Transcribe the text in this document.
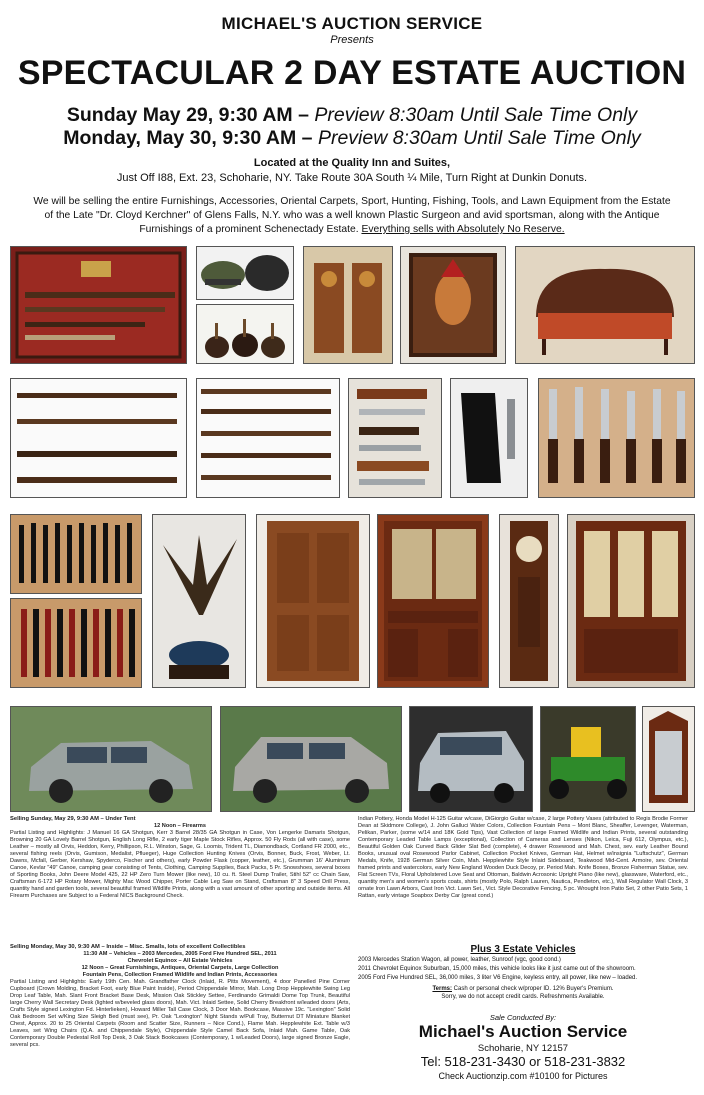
MICHAEL'S AUCTION SERVICE
Presents
SPECTACULAR 2 DAY ESTATE AUCTION
Sunday May 29, 9:30 AM – Preview 8:30am Until Sale Time Only
Monday, May 30, 9:30 AM – Preview 8:30am Until Sale Time Only
Located at the Quality Inn and Suites,
Just Off I88, Ext. 23, Schoharie, NY. Take Route 30A South ¼ Mile, Turn Right at Dunkin Donuts.
We will be selling the entire Furnishings, Accessories, Oriental Carpets, Sport, Hunting, Fishing, Tools, and Lawn Equipment from the Estate of the Late "Dr. Cloyd Kerchner" of Glens Falls, N.Y. who was a well known Plastic Surgeon and avid sportsman, along with the Antique Furnishings of a prominent Schenectady Estate. Everything sells with Absolutely No Reserve.
Selling Sunday, May 29, 9:30 AM – Under Tent
12 Noon – Firearms
Partial Listing and Highlights: J Manuel 16 GA Shotgun, Kerr 3 Barrel 28/35 GA Shotgun in Case, Von Lengerke Damaris Shotgun, Browning 20 GA Lovely Barrel Shotgun, English Long Rifle, 2 early tiger Maple Stock Rifles, Approx. 50 Fly Rods (all with case), some Leather – mostly all Orvis, Heddon, Kerry, Phillipson, R.L. Winston, Sage, G. Loomis, Trident TL, Diamondback, Cortland FR 2000, etc., several fishing reels (Orvis, Gumison, Medalist, Pflueger), Huge Collection Hunting Knives (Orvis, Bonner, Buck, Frost, Weber, Lt. Dawns, Mcfall, Gerber, Kershaw, Spyderco, Fischer and others), early Powder Flask (copper, leather, etc.), Grumman 16' Aluminum Canoe, Kevlar "49" Canoe, camping gear consisting of Tents, Clothing, Camping Supplies, Back Packs, 5 Pr. Snowshoes, several boxes of Sporting Books, John Deere Model 425, 22 HP Zero Turn Mower (like new), 10 cu. ft. Steel Dump Trailer, Stihl 52" cc Chain Saw, Craftsman 6-172 HP Rotary Mower, Mighty Mac Wood Chipper, Porter Cable Leg Saw on Stand, Craftsman 8" 3 Speed Drill Press, quantity hand and garden tools, several beautiful framed Wildlife Prints, along with a vast amount of other sporting and outside items. All Firearm Purchases are Subject to a Federal NICS Background Check.
Selling Monday, May 30, 9:30 AM – Inside – Misc. Smalls, lots of excellent Collectibles
11:30 AM – Vehicles – 2003 Mercedes, 2005 Ford Five Hundred SEL, 2011
Chevrolet Equinox – All Estate Vehicles
12 Noon – Great Furnishings, Antiques, Oriental Carpets, Large Collection
Fountain Pens, Collection Framed Wildlife and Indian Prints, Accessories
Partial Listing and Highlights: Early 19th Cen. Mah. Grandfather Clock (Inlaid, R. Pitts Movement), 4 door Panelled Pine Corner Cupboard (Crown Molding, Bracket Foot, early Blue Paint Inside), Period Chippendale Mirror, Mah. Long Drop Hepplewhite Swing Leg Drop Leaf Table, Mah. Slant Front Bracket Base Desk, Mission Oak Stickley Settee, Ferdinando Grimaldi Dome Top Trunk, Beautiful large Cherry Wall Secretary Desk (lighted w/beveled glass doors), Mah. Vict. Inlaid Settee, Solid Cherry Breakfront w/leaded doors (Arts, Crafts Style signed Lexington Fd. Hinterlieken), Howard Miller Tall Case Clock, 3 Door Mah. Bookcase, Massive 19c. "Lexington" Solid Oak Bedroom Set w/King Size Sleigh Bed (must see), Pr. Oak "Lexington" Night Stands w/Pull Tray, Butternut DT Miniature Blanket Chest, Approx. 20 to 25 Oriental Carpets (Room and Scatter Size, Runners – Nice Cond.), Flame Mah. Hepplewhite Ext. Table w/3 Leaves, set Wing Chairs (Q.A. and Chippendale Style), Chippendale Style Camel Back Sofa, Inlaid Mah. Game Table, Oak Contemporary Double Pedestal Roll Top Desk, 3 Oak Stack Bookcases (Contemporary, 1 w/Leaded Doors), large signed Bronze Eagle, several pcs.
Indian Pottery, Honda Model H-125 Guitar w/case, DiGiorgio Guitar w/case, 2 large Pottery Vases (attributed to Regis Brodie Former Dean at Skidmore College), J. John Galluci Water Colors, Collection Fountain Pens – Mont Blanc, Sheaffer, Levenger, Waterman, Pelikan, Parker, (some w/14 and 18K Gold Tips), Vast Collection of large Framed Wildlife and Indian Prints, several outstanding Contemporary Leaded Table Lamps (exceptional), Collection of Cameras and Lenses (Nikon, Leica, Fuji 612, Olympus, etc.), Beautiful Golden Oak Curved Back Glider Slat Bed (complete), 4 drawer Rosewood and Mah. Chest, sev. early Leather Bound Books, unusual oval Rosewood Parlor Cabinet, Collection Pocket Knives, German Hat, Helmet w/insignia "Luftschutz", German Medals, Knife, 1928 German Silver Coin, Mah. Hepplewhite Style Inlaid Sideboard, Teakwood Mid-Cent. Armoire, sev. Oriental framed prints and watercolors, early New England Wooden Duck Decoy, pr. Period Mah. Knife Boxes, Bronze Fisherman Statue, sev. Flat Screen TVs, Floral Upholstered Love Seat and Ottoman, Baldwin Acrosonic Upright Piano (like new), glassware, Waterford, etc., quantity men's and women's sports coats, shirts (mostly Polo, Ralph Lauren, Nautica, Pendleton, etc.), Wall Regulator Wall Clock, 3 ornate Iron Lawn Arbors, Cast Iron Vict. Lawn Set., Vict. Style Decorative Fencing, 5 pc. Wrought Iron Patio Set, 2 other Patio Sets, 1 Rattan, early vintage Soapbox Derby Car (great cond.)
Plus 3 Estate Vehicles
2003 Mercedes Station Wagon, all power, leather, Sunroof (vgc, good cond.)
2011 Chevrolet Equinox Suburban, 15,000 miles, this vehicle looks like it just came out of the showroom.
2005 Ford Five Hundred SEL, 36,000 miles, 3 liter V6 Engine, keyless entry, all power, like new – loaded.
Terms: Cash or personal check w/proper ID. 12% Buyer's Premium.
Sorry, we do not accept credit cards. Refreshments Available.
Sale Conducted By:
Michael's Auction Service
Schoharie, NY 12157
Tel: 518-231-3430 or 518-231-3832
Check Auctionzip.com #10100 for Pictures
